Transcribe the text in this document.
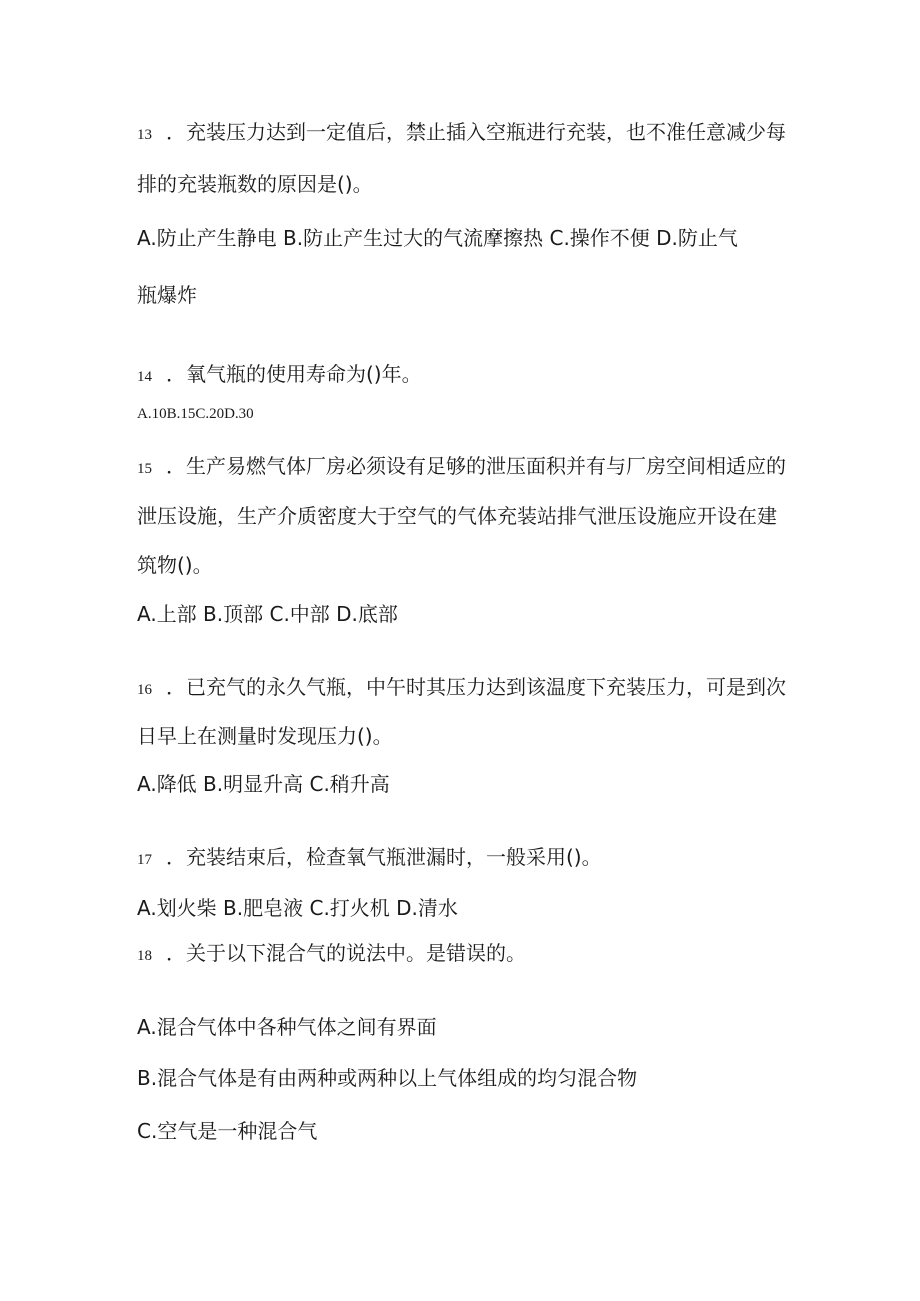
13 ．充装压力达到一定值后，禁止插入空瓶进行充装，也不准任意减少每
排的充装瓶数的原因是()。
A.防止产生静电 B.防止产生过大的气流摩擦热 C.操作不便 D.防止气
瓶爆炸
14 ．氧气瓶的使用寿命为()年。
A.10B.15C.20D.30
15 ．生产易燃气体厂房必须设有足够的泄压面积并有与厂房空间相适应的
泄压设施，生产介质密度大于空气的气体充装站排气泄压设施应开设在建
筑物()。
A.上部 B.顶部 C.中部 D.底部
16 ．已充气的永久气瓶，中午时其压力达到该温度下充装压力，可是到次
日早上在测量时发现压力()。
A.降低 B.明显升高 C.稍升高
17 ．充装结束后，检查氧气瓶泄漏时，一般采用()。
A.划火柴 B.肥皂液 C.打火机 D.清水
18 ．关于以下混合气的说法中。是错误的。
A.混合气体中各种气体之间有界面
B.混合气体是有由两种或两种以上气体组成的均匀混合物
C.空气是一种混合气
